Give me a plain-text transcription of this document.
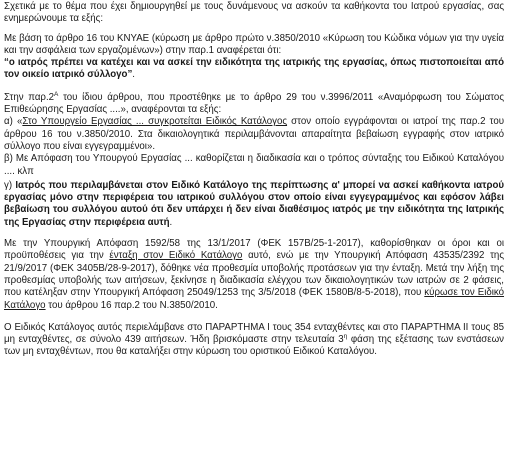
Σχετικά με το θέμα που έχει δημιουργηθεί με τους δυνάμενους να ασκούν τα καθήκοντα του Ιατρού εργασίας, σας ενημερώνουμε τα εξής:

Με βάση το άρθρο 16 του ΚΝΥΑΕ (κύρωση με άρθρο πρώτο ν.3850/2010 «Κύρωση του Κώδικα νόμων για την υγεία και την ασφάλεια των εργαζομένων») στην παρ.1 αναφέρεται ότι:
“ο ιατρός πρέπει να κατέχει και να ασκεί την ειδικότητα της ιατρικής της εργασίας, όπως πιστοποιείται από τον οικείο ιατρικό σύλλογο”.

Στην $\pi\alpha\rho.2^A$ του ίδιου άρθρου, που προστέθηκε με το άρθρο 29 του ν.3996/2011 «Αναμόρφωση του Σώματος Επιθεώρησης Εργασίας ....», αναφέρονται τα εξής:

α) «Στο Υπουργείο Εργασίας ... συγκροτείται Ειδικός Κατάλογος στον οποίο εγγράφονται οι ιατροί της παρ.2 του άρθρου 16 του ν.3850/2010. Στα δικαιολογητικά περιλαμβάνονται απαραίτητα βεβαίωση εγγραφής στον ιατρικό σύλλογο που είναι εγγεγραμμένοι».

β) Με Απόφαση του Υπουργού Εργασίας ... καθορίζεται η διαδικασία και ο τρόπος σύνταξης του Ειδικού Καταλόγου .... κλπ

γ) Ιατρός που περιλαμβάνεται στον Ειδικό Κατάλογο της περίπτωσης α' μπορεί να ασκεί καθήκοντα ιατρού εργασίας μόνο στην περιφέρεια του ιατρικού συλλόγου στον οποίο είναι εγγεγραμμένος και εφόσον λάβει βεβαίωση του συλλόγου αυτού ότι δεν υπάρχει ή δεν είναι διαθέσιμος ιατρός με την ειδικότητα της Ιατρικής της Εργασίας στην περιφέρεια αυτή.

Με την Υπουργική Απόφαση 1592/58 της 13/1/2017 (ΦΕΚ 157Β/25-1-2017), καθορίσθηκαν οι όροι και οι προϋποθέσεις για την ένταξη στον Ειδικό Κατάλογο αυτό, ενώ με την Υπουργική Απόφαση 43535/2392 της 21/9/2017 (ΦΕΚ 3405Β/28-9-2017), δόθηκε νέα προθεσμία υποβολής προτάσεων για την ένταξη. Μετά την λήξη της προθεσμίας υποβολής των αιτήσεων, ξεκίνησε η διαδικασία ελέγχου των δικαιολογητικών των ιατρών σε 2 φάσεις, που κατέληξαν στην Υπουργική Απόφαση 25049/1253 της 3/5/2018 (ΦΕΚ 1580Β/8-5-2018), που κύρωσε τον Ειδικό Κατάλογο του άρθρου 16 παρ.2 του Ν.3850/2010.

Ο Ειδικός Κατάλογος αυτός περιελάμβανε στο ΠΑΡΑΡΤΗΜΑ Ι τους 354 ενταχθέντες και στο ΠΑΡΑΡΤΗΜΑ ΙΙ τους 85 μη ενταχθέντες, σε σύνολο 439 αιτήσεων. Ήδη βρισκόμαστε στην τελευταία $3^\eta$ φάση της εξέτασης των ενστάσεων των μη ενταχθέντων, που θα καταλήξει στην κύρωση του οριστικού Ειδικού Καταλόγου.
